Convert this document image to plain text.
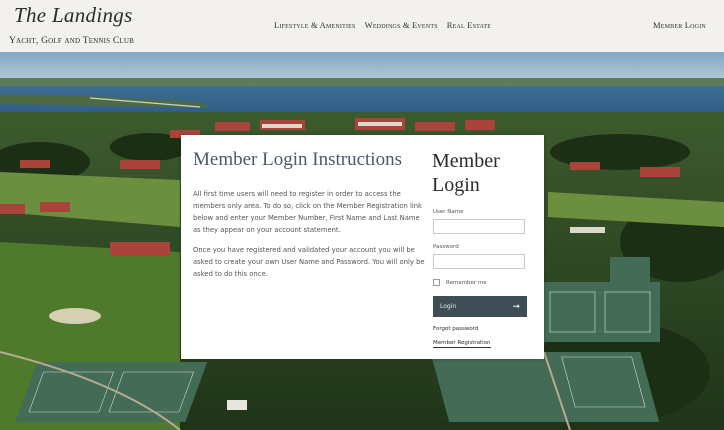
The Landings
Yacht, Golf and Tennis Club
Lifestyle & Amenities Weddings & Events Real Estate	Member Login
Member Login Instructions

All first time users will need to register in order to access the members only area. To do so, click on the Member Registration link below and enter your Member Number, First Name and Last Name as they appear on your account statement.

Once you have registered and validated your account you will be asked to create your own User Name and Password. You will only be asked to do this once.

Member Login
User Name
Password
Remember me
Login	➞
Forgot password
Member Registration
